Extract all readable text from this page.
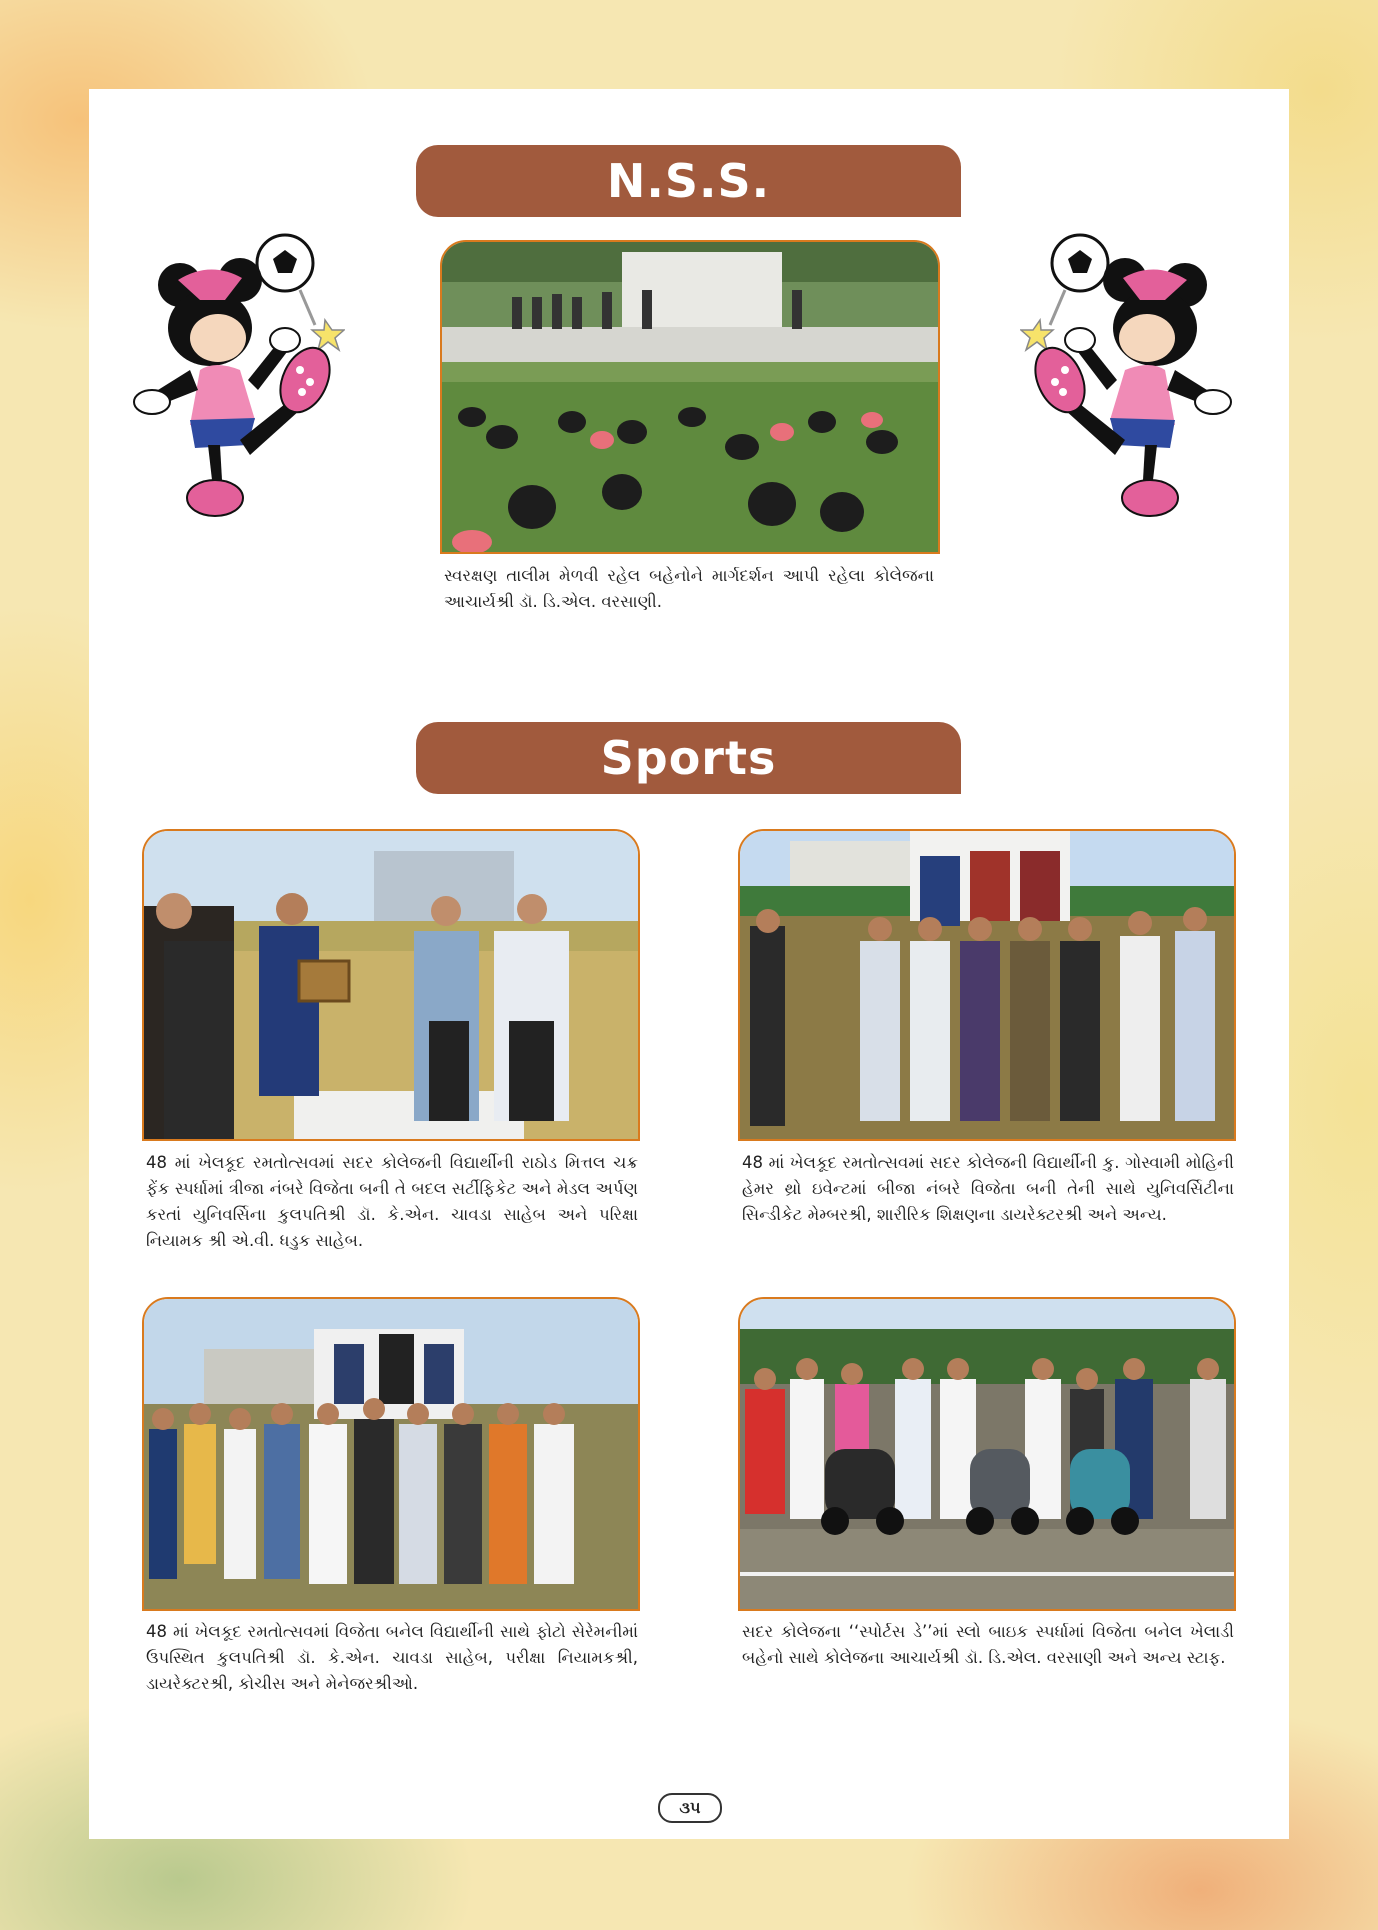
N.S.S.
સ્વરક્ષણ તાલીમ મેળવી રહેલ બહેનોને માર્ગદર્શન આપી રહેલા કોલેજના આચાર્યશ્રી ડૉ. ડિ.એલ. વરસાણી.
Sports
48 માં ખેલકૂદ રમતોત્સવમાં સદર કોલેજની વિદ્યાર્થીની રાઠોડ મિત્તલ ચક્ર ફેંક સ્પર્ધામાં ત્રીજા નંબરે વિજેતા બની તે બદલ સર્ટીફિકેટ અને મેડલ અર્પણ કરતાં યુનિવર્સિના કુલપતિશ્રી ડૉ. કે.એન. ચાવડા સાહેબ અને પરિક્ષા નિયામક શ્રી એ.વી. ધડુક સાહેબ.
48 માં ખેલકૂદ રમતોત્સવમાં સદર કોલેજની વિદ્યાર્થીની કુ. ગોસ્વામી મોહિની હેમર થ્રો ઇવેન્ટમાં બીજા નંબરે વિજેતા બની તેની સાથે યુનિવર્સિટીના સિન્ડીકેટ મેમ્બરશ્રી, શારીરિક શિક્ષણના ડાયરેક્ટરશ્રી અને અન્ય.
48 માં ખેલકૂદ રમતોત્સવમાં વિજેતા બનેલ વિદ્યાર્થીની સાથે ફોટો સેરેમનીમાં ઉપસ્થિત કુલપતિશ્રી ડૉ. કે.એન. ચાવડા સાહેબ, પરીક્ષા નિયામકશ્રી, ડાયરેક્ટરશ્રી, કોચીસ અને મેનેજરશ્રીઓ.
સદર કોલેજના ‘‘સ્પોર્ટસ ડે’’માં સ્લો બાઇક સ્પર્ધામાં વિજેતા બનેલ ખેલાડી બહેનો સાથે કોલેજના આચાર્યશ્રી ડૉ. ડિ.એલ. વરસાણી અને અન્ય સ્ટાફ.
૩૫
